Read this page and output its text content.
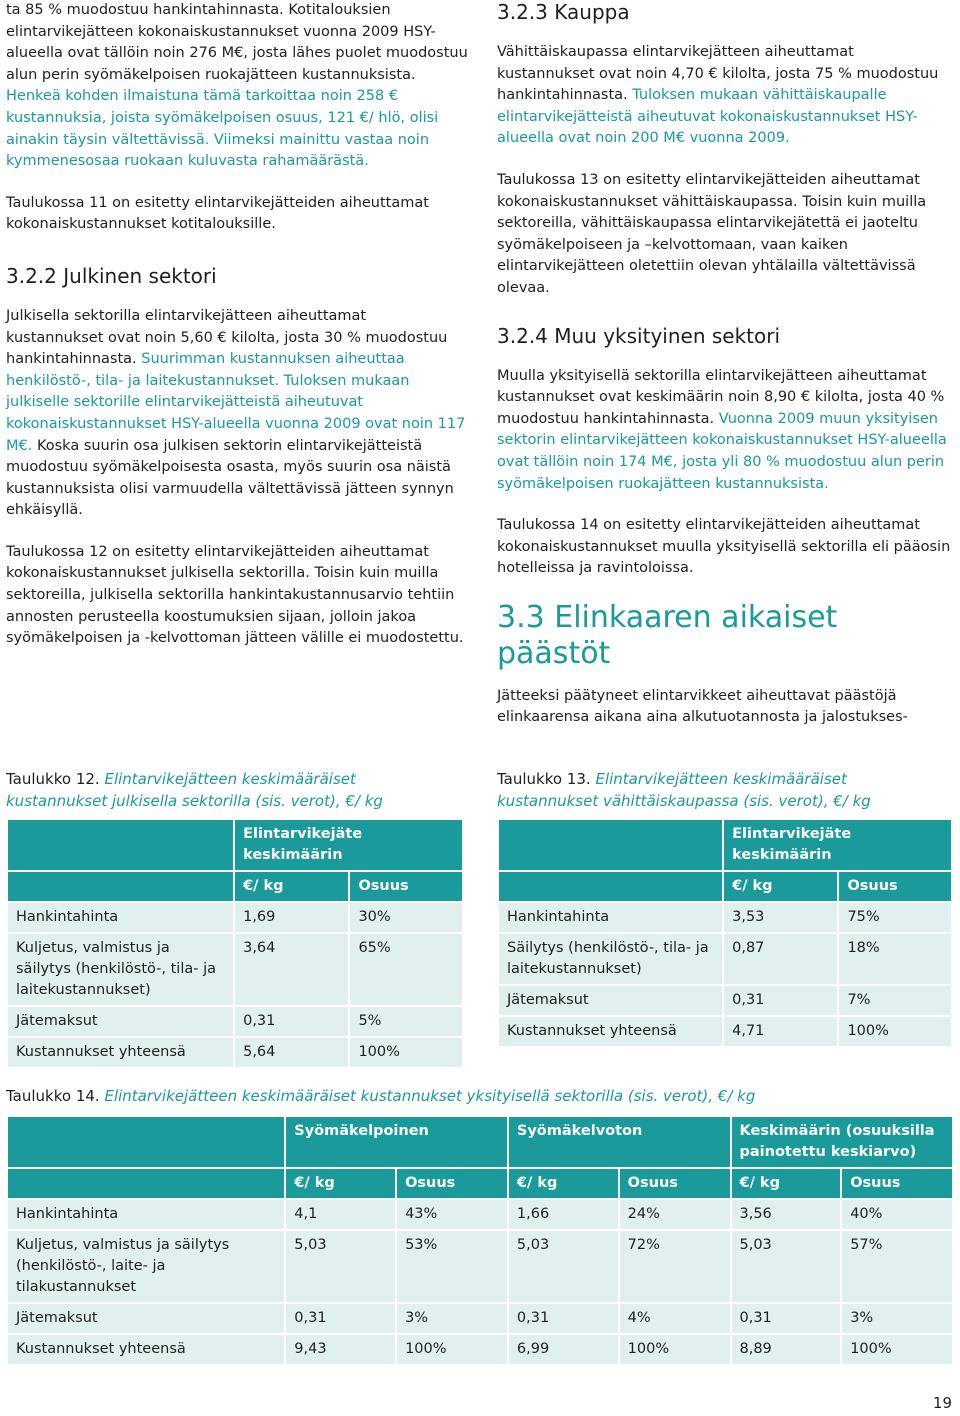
ta 85 % muodostuu hankintahinnasta. Kotitalouksien elintarvikejätteen kokonaiskustannukset vuonna 2009 HSY-alueella ovat tällöin noin 276 M€, josta lähes puolet muodostuu alun perin syömäkelpoisen ruokajätteen kustannuksista. Henkeä kohden ilmaistuna tämä tarkoittaa noin 258 € kustannuksia, joista syömäkelpoisen osuus, 121 €/ hlö, olisi ainakin täysin vältettävissä. Viimeksi mainittu vastaa noin kymmenesosaa ruokaan kuluvasta rahamäärästä.

Taulukossa 11 on esitetty elintarvikejätteiden aiheuttamat kokonaiskustannukset kotitalouksille.

3.2.2 Julkinen sektori

Julkisella sektorilla elintarvikejätteen aiheuttamat kustannukset ovat noin 5,60 € kilolta, josta 30 % muodostuu hankintahinnasta. Suurimman kustannuksen aiheuttaa henkilöstö-, tila- ja laitekustannukset. Tuloksen mukaan julkiselle sektorille elintarvikejätteistä aiheutuvat kokonaiskustannukset HSY-alueella vuonna 2009 ovat noin 117 M€. Koska suurin osa julkisen sektorin elintarvikejätteistä muodostuu syömäkelpoisesta osasta, myös suurin osa näistä kustannuksista olisi varmuudella vältettävissä jätteen synnyn ehkäisyllä.

Taulukossa 12 on esitetty elintarvikejätteiden aiheuttamat kokonaiskustannukset julkisella sektorilla. Toisin kuin muilla sektoreilla, julkisella sektorilla hankintakustannusarvio tehtiin annosten perusteella koostumuksien sijaan, jolloin jakoa syömäkelpoisen ja -kelvottoman jätteen välille ei muodostettu.

3.2.3 Kauppa

Vähittäiskaupassa elintarvikejätteen aiheuttamat kustannukset ovat noin 4,70 € kilolta, josta 75 % muodostuu hankintahinnasta. Tuloksen mukaan vähittäiskaupalle elintarvikejätteistä aiheutuvat kokonaiskustannukset HSY-alueella ovat noin 200 M€ vuonna 2009.

Taulukossa 13 on esitetty elintarvikejätteiden aiheuttamat kokonaiskustannukset vähittäiskaupassa. Toisin kuin muilla sektoreilla, vähittäiskaupassa elintarvikejätettä ei jaoteltu syömäkelpoiseen ja –kelvottomaan, vaan kaiken elintarvikejätteen oletettiin olevan yhtälailla vältettävissä olevaa.

3.2.4 Muu yksityinen sektori

Muulla yksityisellä sektorilla elintarvikejätteen aiheuttamat kustannukset ovat keskimäärin noin 8,90 € kilolta, josta 40 % muodostuu hankintahinnasta. Vuonna 2009 muun yksityisen sektorin elintarvikejätteen kokonaiskustannukset HSY-alueella ovat tällöin noin 174 M€, josta yli 80 % muodostuu alun perin syömäkelpoisen ruokajätteen kustannuksista.

Taulukossa 14 on esitetty elintarvikejätteiden aiheuttamat kokonaiskustannukset muulla yksityisellä sektorilla eli pääosin hotelleissa ja ravintoloissa.

3.3 Elinkaaren aikaiset päästöt

Jätteeksi päätyneet elintarvikkeet aiheuttavat päästöjä elinkaarensa aikana aina alkutuotannosta ja jalostukses-

Taulukko 12. Elintarvikejätteen keskimääräiset
kustannukset julkisella sektorilla (sis. verot), €/ kg
	Elintarvikejäte
keskimäärin	
	€/ kg	Osuus
Hankintahinta	1,69	30%
Kuljetus, valmistus ja säilytys (henkilöstö-, tila- ja laitekustannukset)	3,64	65%
Jätemaksut	0,31	5%
Kustannukset yhteensä	5,64	100%
Taulukko 13. Elintarvikejätteen keskimääräiset
kustannukset vähittäiskaupassa (sis. verot), €/ kg
	Elintarvikejäte
keskimäärin	
	€/ kg	Osuus
Hankintahinta	3,53	75%
Säilytys (henkilöstö-, tila- ja laitekustannukset)	0,87	18%
Jätemaksut	0,31	7%
Kustannukset yhteensä	4,71	100%
Taulukko 14. Elintarvikejätteen keskimääräiset kustannukset yksityisellä sektorilla (sis. verot), €/ kg
	Syömäkelpoinen		Syömäkelvoton		Keskimäärin (osuuksilla painotettu keskiarvo)	
	€/ kg	Osuus	€/ kg	Osuus	€/ kg	Osuus
Hankintahinta	4,1	43%	1,66	24%	3,56	40%
Kuljetus, valmistus ja säilytys (henkilöstö-, laite- ja tilakustannukset	5,03	53%	5,03	72%	5,03	57%
Jätemaksut	0,31	3%	0,31	4%	0,31	3%
Kustannukset yhteensä	9,43	100%	6,99	100%	8,89	100%
19
